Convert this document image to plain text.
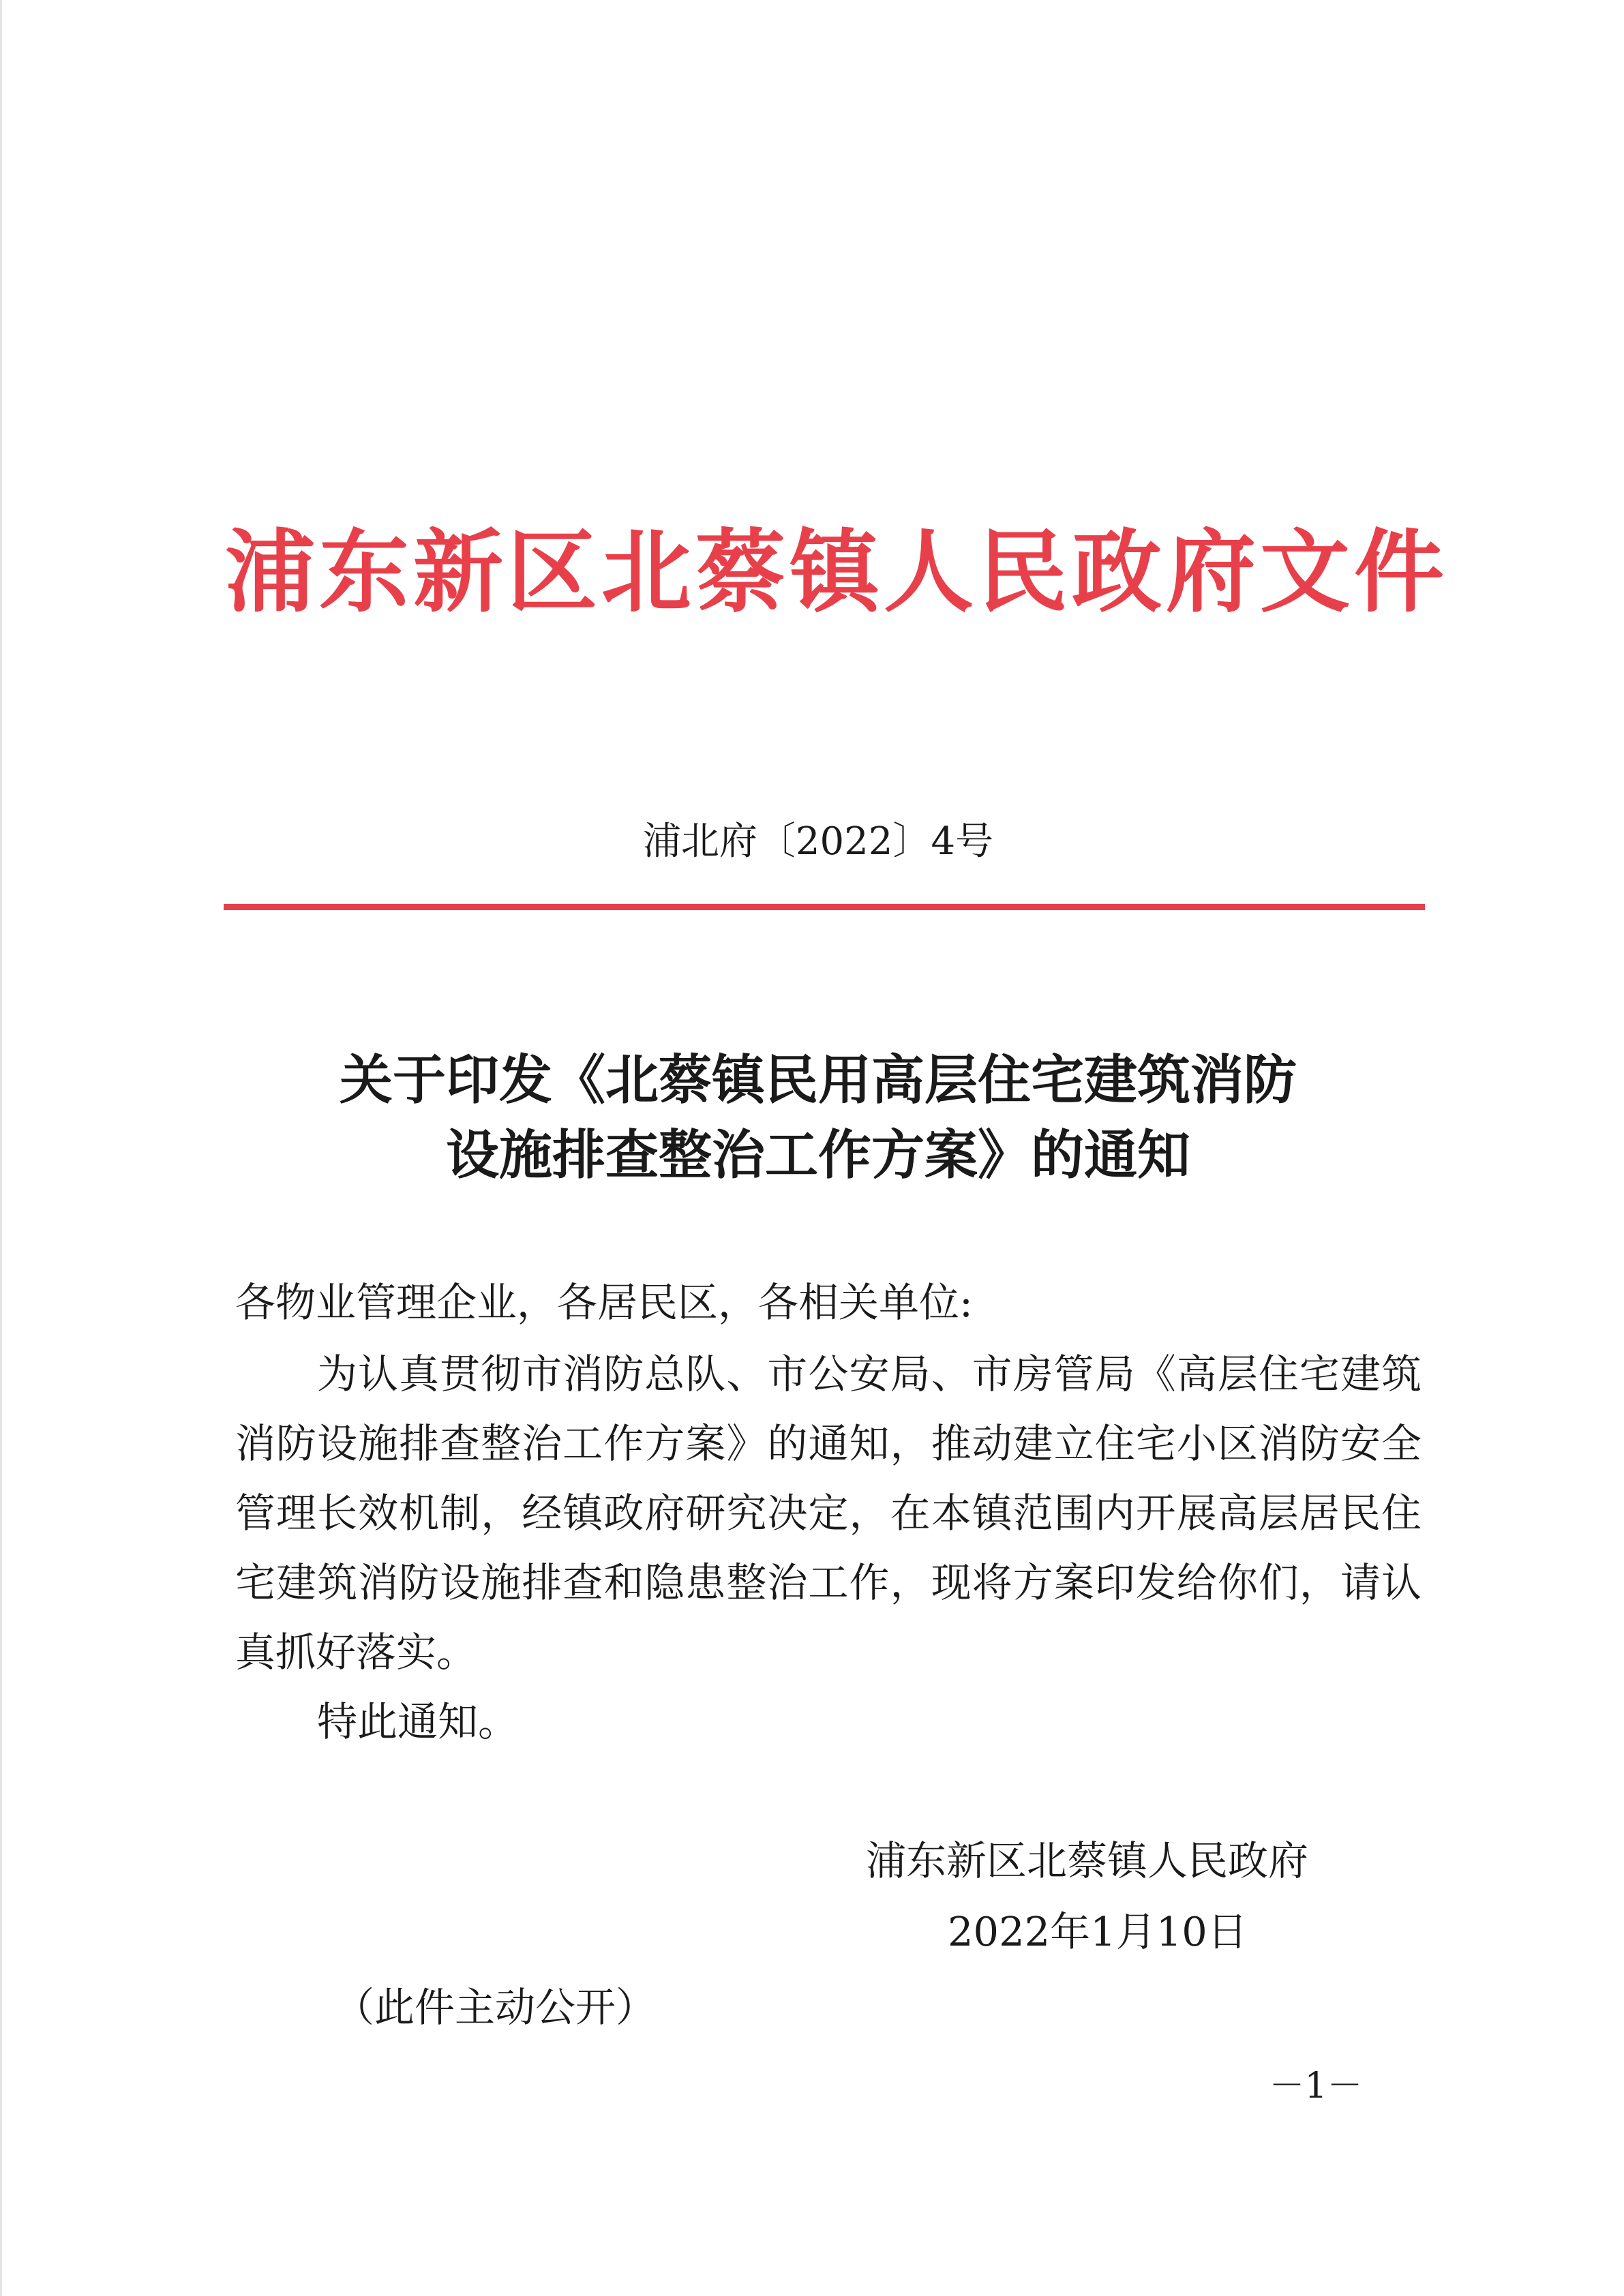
浦东新区北蔡镇人民政府文件
浦北府〔2022〕4号
关于印发《北蔡镇民用高层住宅建筑消防
设施排查整治工作方案》的通知
各物业管理企业，各居民区，各相关单位:
为认真贯彻市消防总队、市公安局、市房管局《高层住宅建筑消防设施排查整治工作方案》的通知，推动建立住宅小区消防安全管理长效机制，经镇政府研究决定，在本镇范围内开展高层居民住宅建筑消防设施排查和隐患整治工作，现将方案印发给你们，请认真抓好落实。
特此通知。
浦东新区北蔡镇人民政府
2022年1月10日
（此件主动公开）
－1－
